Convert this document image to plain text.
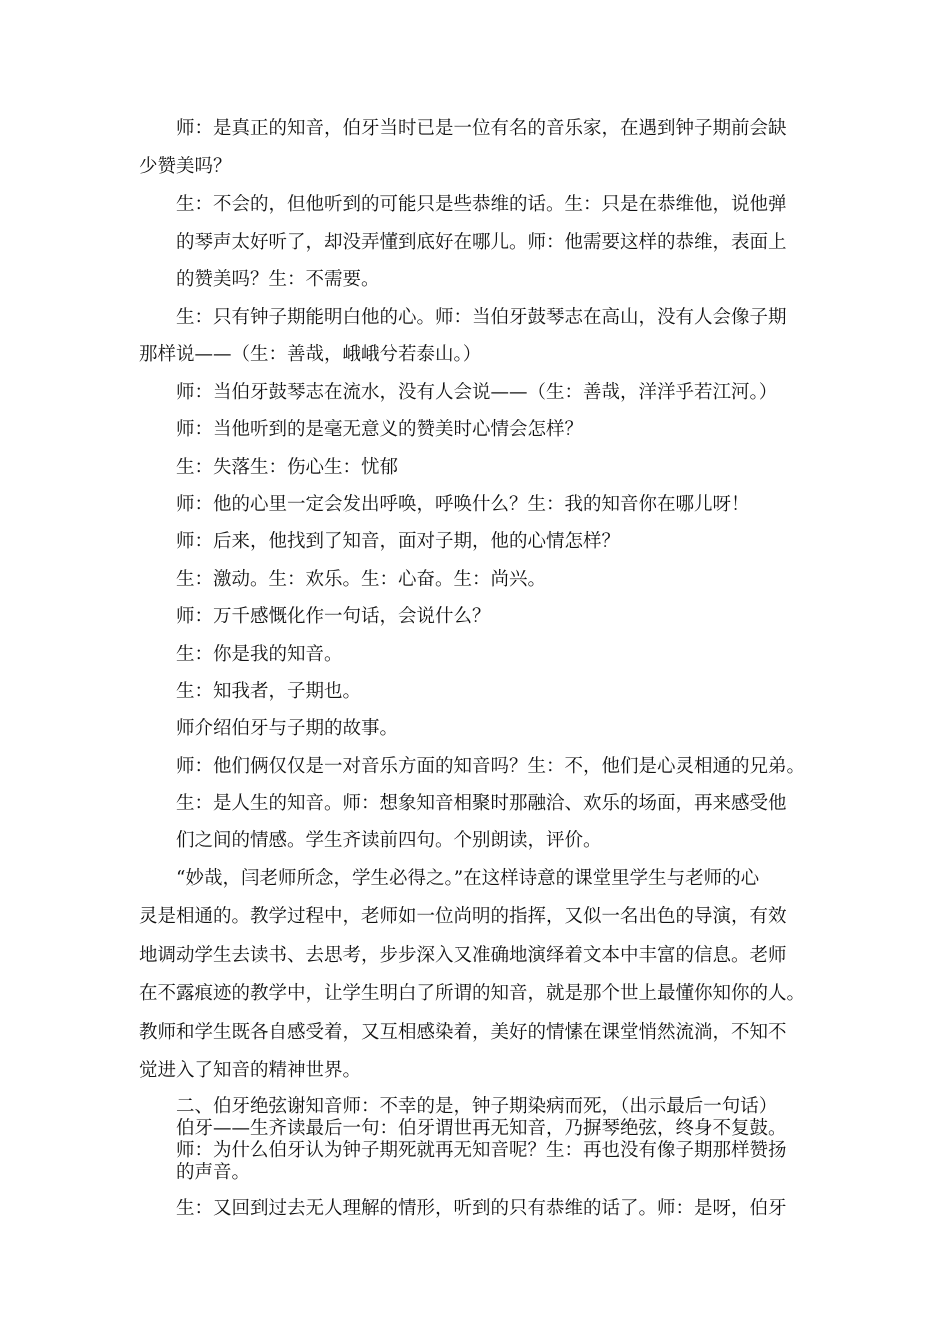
师：是真正的知音，伯牙当时已是一位有名的音乐家，在遇到钟子期前会缺
少赞美吗？
生：不会的，但他听到的可能只是些恭维的话。生：只是在恭维他，说他弹
的琴声太好听了，却没弄懂到底好在哪儿。师：他需要这样的恭维，表面上
的赞美吗？生：不需要。
生：只有钟子期能明白他的心。师：当伯牙鼓琴志在高山，没有人会像子期
那样说——（生：善哉，峨峨兮若泰山。）
师：当伯牙鼓琴志在流水，没有人会说——（生：善哉，洋洋乎若江河。）
师：当他听到的是毫无意义的赞美时心情会怎样？
生：失落生：伤心生：忧郁
师：他的心里一定会发出呼唤，呼唤什么？生：我的知音你在哪儿呀！
师：后来，他找到了知音，面对子期，他的心情怎样？
生：激动。生：欢乐。生：心奋。生：尚兴。
师：万千感慨化作一句话，会说什么？
生：你是我的知音。
生：知我者，子期也。
师介绍伯牙与子期的故事。
师：他们俩仅仅是一对音乐方面的知音吗？生：不，他们是心灵相通的兄弟。
生：是人生的知音。师：想象知音相聚时那融洽、欢乐的场面，再来感受他
们之间的情感。学生齐读前四句。个别朗读，评价。
“妙哉，闫老师所念，学生必得之。”在这样诗意的课堂里学生与老师的心
灵是相通的。教学过程中，老师如一位尚明的指挥，又似一名出色的导演，有效
地调动学生去读书、去思考，步步深入又准确地演绎着文本中丰富的信息。老师
在不露痕迹的教学中，让学生明白了所谓的知音，就是那个世上最懂你知你的人。
教师和学生既各自感受着，又互相感染着，美好的情愫在课堂悄然流淌，不知不
觉进入了知音的精神世界。
二、伯牙绝弦谢知音师：不幸的是，钟子期染病而死，（出示最后一句话）
伯牙——生齐读最后一句：伯牙谓世再无知音，乃摒琴绝弦，终身不复鼓。
师：为什么伯牙认为钟子期死就再无知音呢？生：再也没有像子期那样赞扬
的声音。
生：又回到过去无人理解的情形，听到的只有恭维的话了。师：是呀，伯牙
